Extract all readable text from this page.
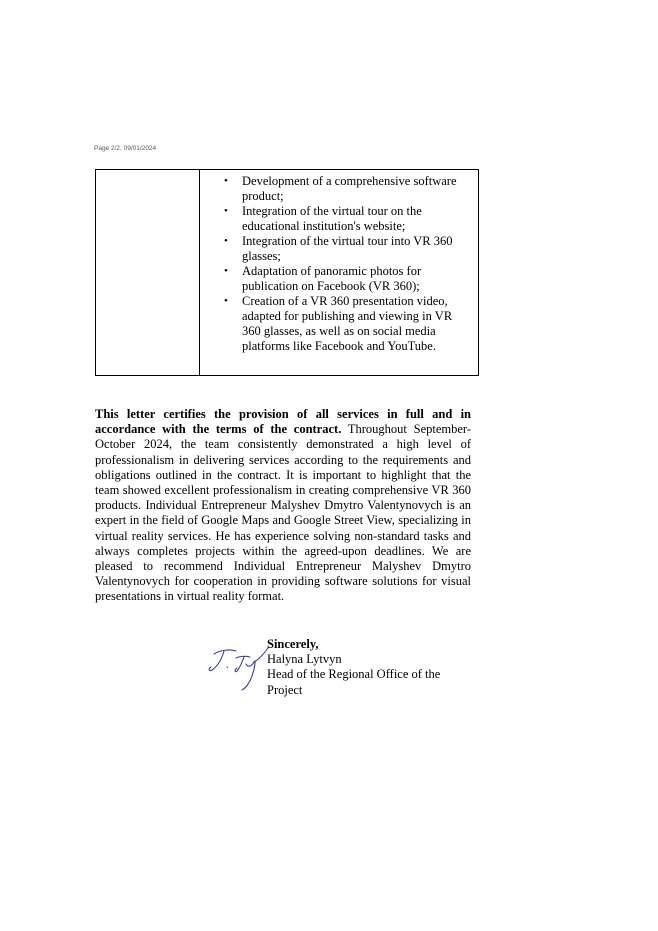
Page 2/2, 09/01/2024
• Development of a comprehensive software product;
• Integration of the virtual tour on the educational institution's website;
• Integration of the virtual tour into VR 360 glasses;
• Adaptation of panoramic photos for publication on Facebook (VR 360);
• Creation of a VR 360 presentation video, adapted for publishing and viewing in VR 360 glasses, as well as on social media platforms like Facebook and YouTube.

This letter certifies the provision of all services in full and in accordance with the terms of the contract. Throughout September-October 2024, the team consistently demonstrated a high level of professionalism in delivering services according to the requirements and obligations outlined in the contract. It is important to highlight that the team showed excellent professionalism in creating comprehensive VR 360 products. Individual Entrepreneur Malyshev Dmytro Valentynovych is an expert in the field of Google Maps and Google Street View, specializing in virtual reality services. He has experience solving non-standard tasks and always completes projects within the agreed-upon deadlines. We are pleased to recommend Individual Entrepreneur Malyshev Dmytro Valentynovych for cooperation in providing software solutions for visual presentations in virtual reality format.

Sincerely,
Halyna Lytvyn
Head of the Regional Office of the Project
